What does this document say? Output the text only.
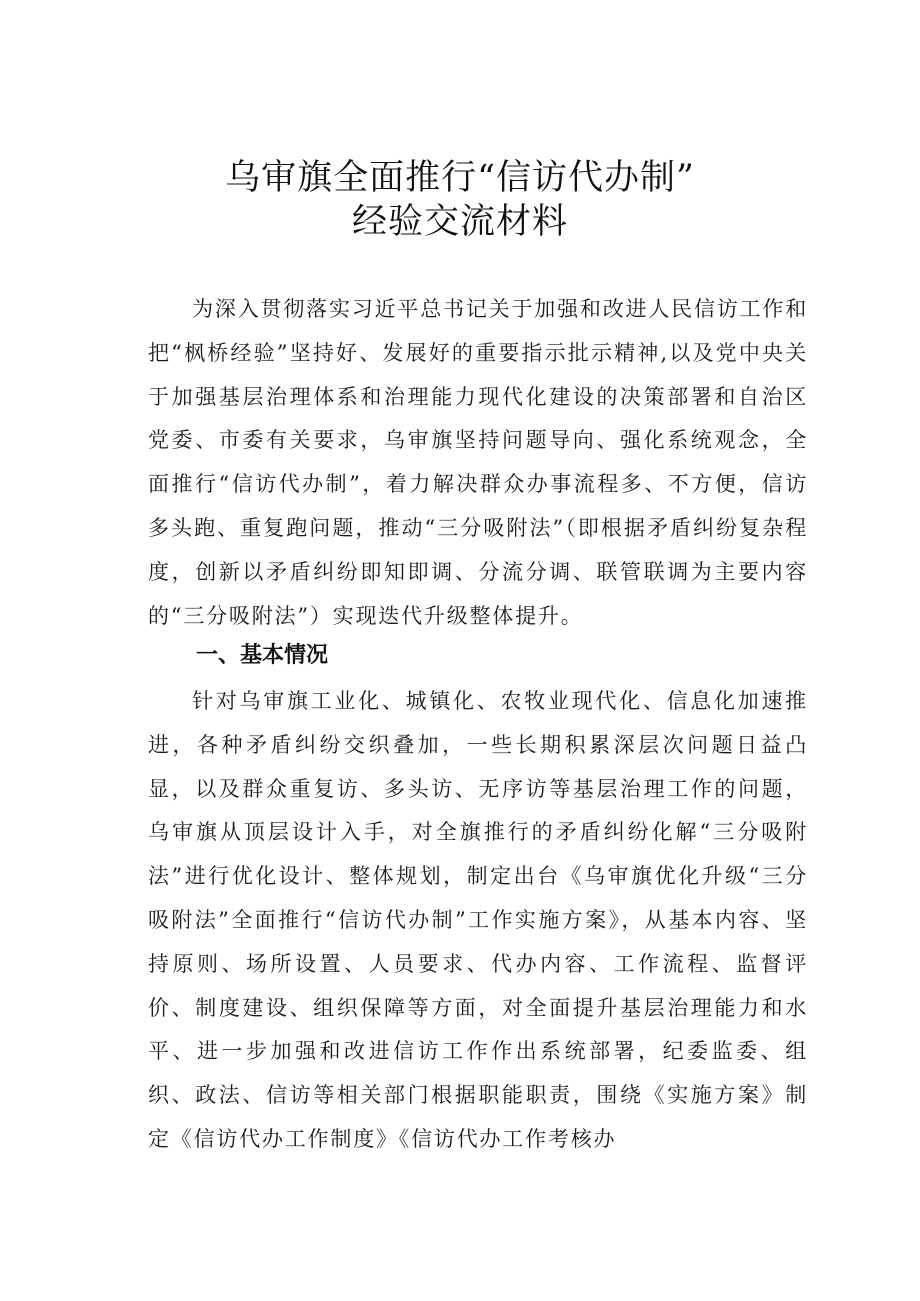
乌审旗全面推行“信访代办制”
经验交流材料

为深入贯彻落实习近平总书记关于加强和改进人民信访工作和把“枫桥经验”坚持好、发展好的重要指示批示精神,以及党中央关于加强基层治理体系和治理能力现代化建设的决策部署和自治区党委、市委有关要求，乌审旗坚持问题导向、强化系统观念，全面推行“信访代办制”，着力解决群众办事流程多、不方便，信访多头跑、重复跑问题，推动“三分吸附法”（即根据矛盾纠纷复杂程度，创新以矛盾纠纷即知即调、分流分调、联管联调为主要内容的“三分吸附法”）实现迭代升级整体提升。

一、基本情况

针对乌审旗工业化、城镇化、农牧业现代化、信息化加速推进，各种矛盾纠纷交织叠加，一些长期积累深层次问题日益凸显，以及群众重复访、多头访、无序访等基层治理工作的问题，乌审旗从顶层设计入手，对全旗推行的矛盾纠纷化解“三分吸附法”进行优化设计、整体规划，制定出台《乌审旗优化升级“三分吸附法”全面推行“信访代办制”工作实施方案》，从基本内容、坚持原则、场所设置、人员要求、代办内容、工作流程、监督评价、制度建设、组织保障等方面，对全面提升基层治理能力和水平、进一步加强和改进信访工作作出系统部署，纪委监委、组织、政法、信访等相关部门根据职能职责，围绕《实施方案》制定《信访代办工作制度》《信访代办工作考核办
